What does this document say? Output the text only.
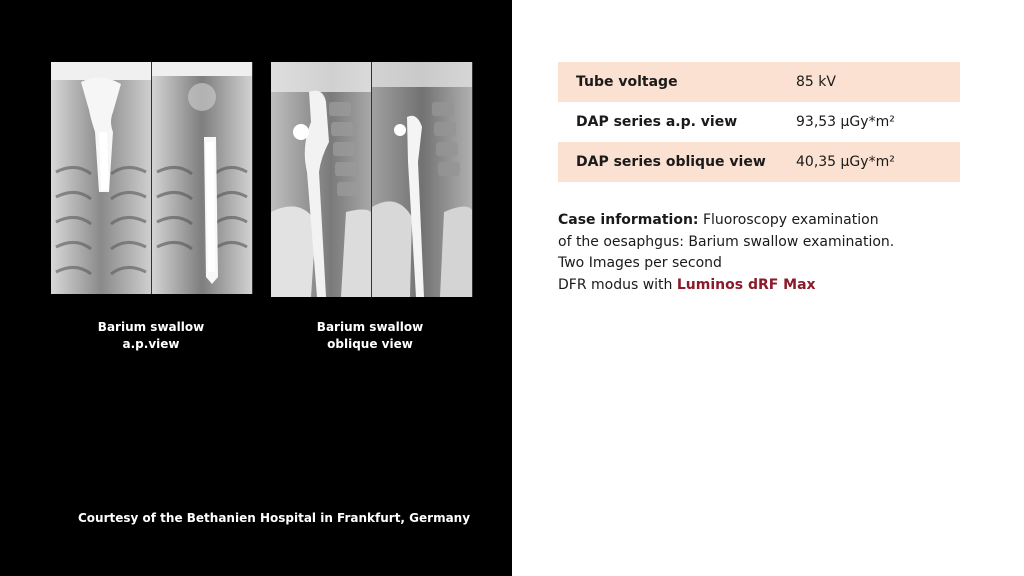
Barium swallow
a.p.view
Barium swallow
oblique view
Courtesy of the Bethanien Hospital in Frankfurt, Germany
Tube voltage	85 kV
DAP series a.p. view	93,53 µGy*m²
DAP series oblique view	40,35 µGy*m²
Case information: Fluoroscopy examination
of the oesaphgus: Barium swallow examination.
Two Images per second
DFR modus with Luminos dRF Max
